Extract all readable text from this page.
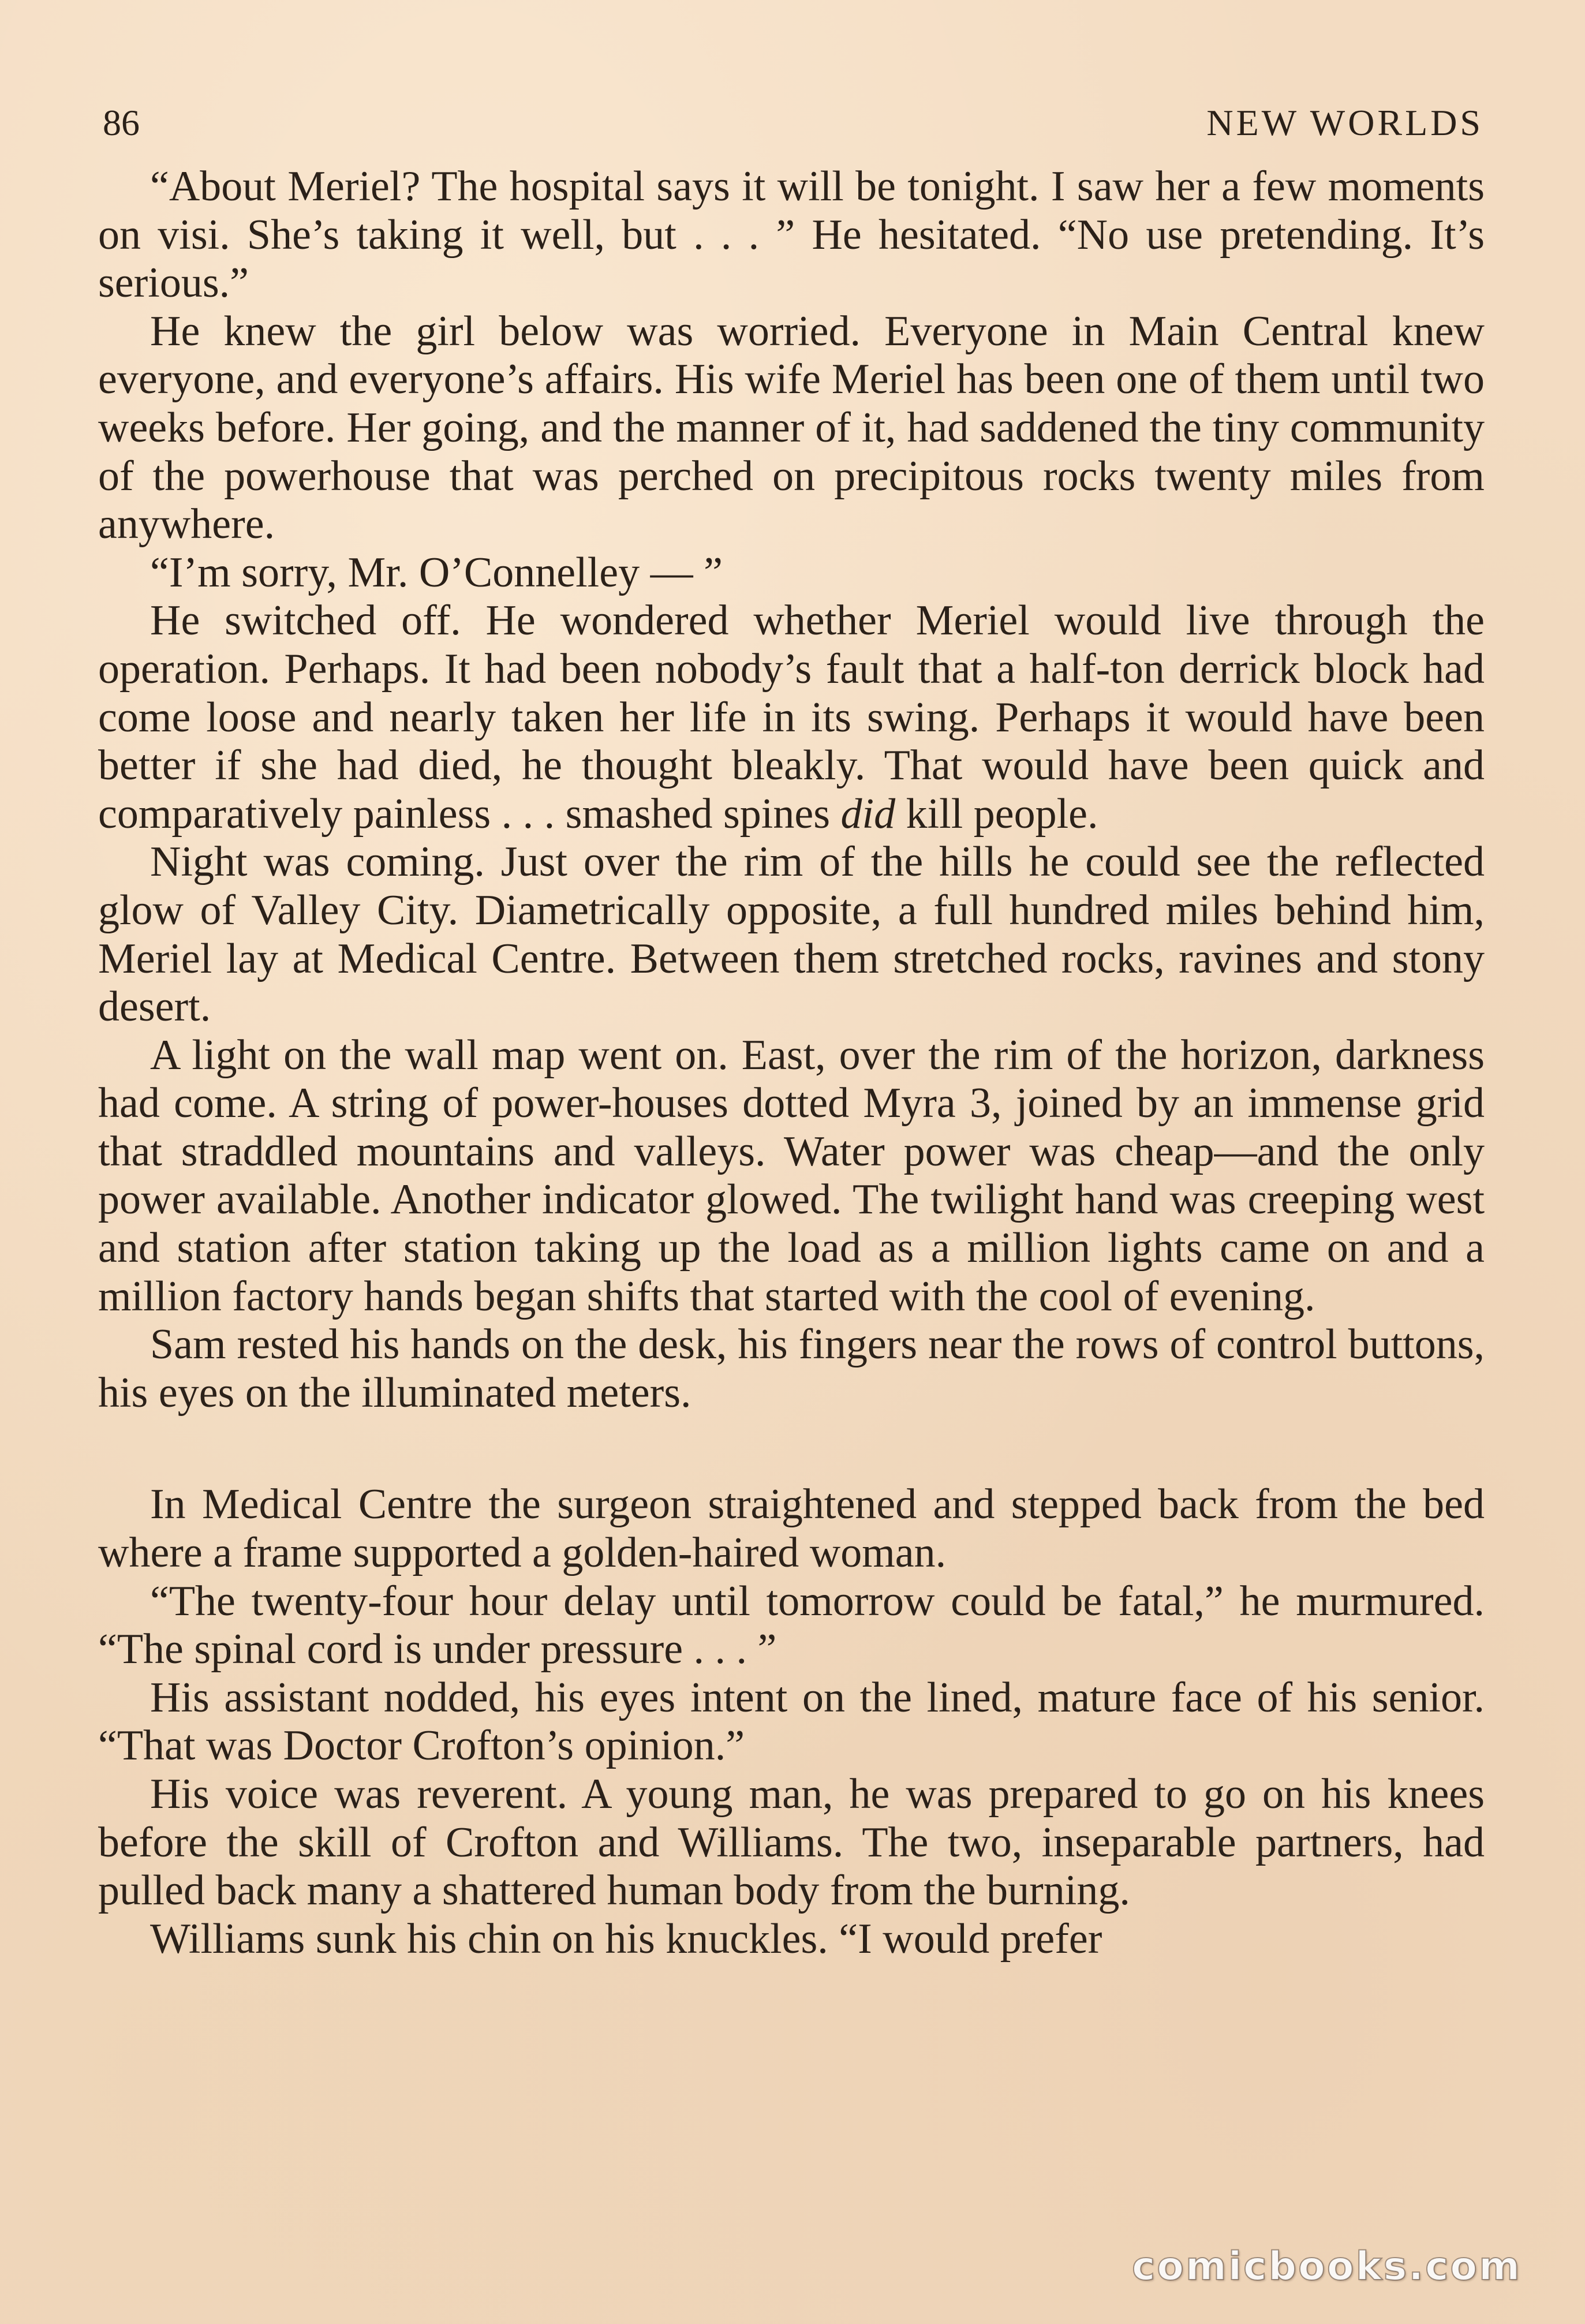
86	NEW WORLDS

“About Meriel? The hospital says it will be tonight. I saw her a few moments on visi. She’s taking it well, but . . . ” He hesitated. “No use pretending. It’s serious.”

He knew the girl below was worried. Everyone in Main Central knew everyone, and everyone’s affairs. His wife Meriel has been one of them until two weeks before. Her going, and the manner of it, had saddened the tiny community of the powerhouse that was perched on precipitous rocks twenty miles from anywhere.

“I’m sorry, Mr. O’Connelley — ”

He switched off. He wondered whether Meriel would live through the operation. Perhaps. It had been nobody’s fault that a half-ton derrick block had come loose and nearly taken her life in its swing. Perhaps it would have been better if she had died, he thought bleakly. That would have been quick and comparatively painless . . . smashed spines did kill people.

Night was coming. Just over the rim of the hills he could see the reflected glow of Valley City. Diametrically opposite, a full hundred miles behind him, Meriel lay at Medical Centre. Between them stretched rocks, ravines and stony desert.

A light on the wall map went on. East, over the rim of the horizon, darkness had come. A string of power-houses dotted Myra 3, joined by an immense grid that straddled mountains and valleys. Water power was cheap—and the only power available. Another indicator glowed. The twilight hand was creeping west and station after station taking up the load as a million lights came on and a million factory hands began shifts that started with the cool of evening.

Sam rested his hands on the desk, his fingers near the rows of control buttons, his eyes on the illuminated meters.

In Medical Centre the surgeon straightened and stepped back from the bed where a frame supported a golden-haired woman.

“The twenty-four hour delay until tomorrow could be fatal,” he murmured. “The spinal cord is under pressure . . . ”

His assistant nodded, his eyes intent on the lined, mature face of his senior. “That was Doctor Crofton’s opinion.”

His voice was reverent. A young man, he was prepared to go on his knees before the skill of Crofton and Williams. The two, inseparable partners, had pulled back many a shattered human body from the burning.

Williams sunk his chin on his knuckles. “I would prefer

comicbooks.com
